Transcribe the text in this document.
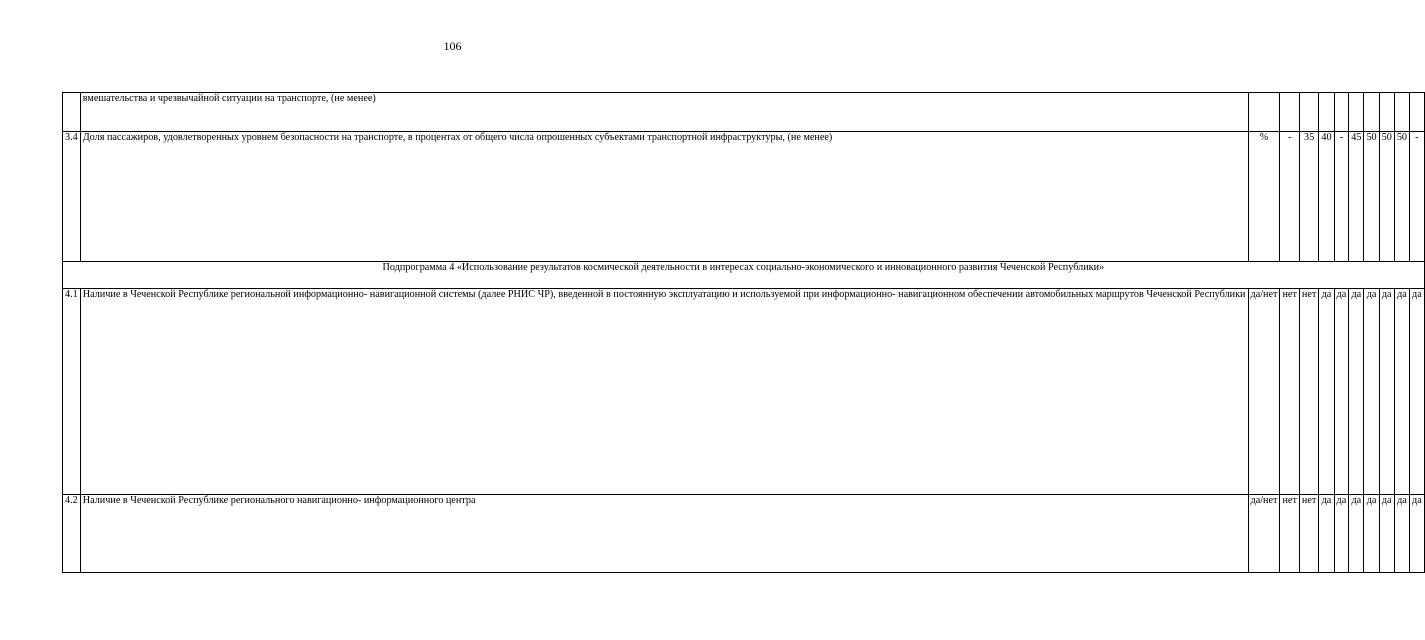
106
	вмешательства и чрезвычайной ситуации на транспорте, (не менее)										
3.4	Доля пассажиров, удовлетворенных уровнем безопасности на транспорте, в процентах от общего числа опрошенных субъектами транспортной инфраструктуры, (не менее)	%	-	35	40	-	45	50	50	50	-
Подпрограмма 4 «Использование результатов космической деятельности в интересах социально-экономического и инновационного развития Чеченской Республики»											
4.1	Наличие в Чеченской Республике региональной информационно- навигационной системы (далее РНИС ЧР), введенной в постоянную эксплуатацию и используемой при информационно- навигационном обеспечении автомобильных маршрутов Чеченской Республики	да/нет	нет	нет	да	да	да	да	да	да	да
4.2	Наличие в Чеченской Республике регионального навигационно- информационного центра	да/нет	нет	нет	да	да	да	да	да	да	да
